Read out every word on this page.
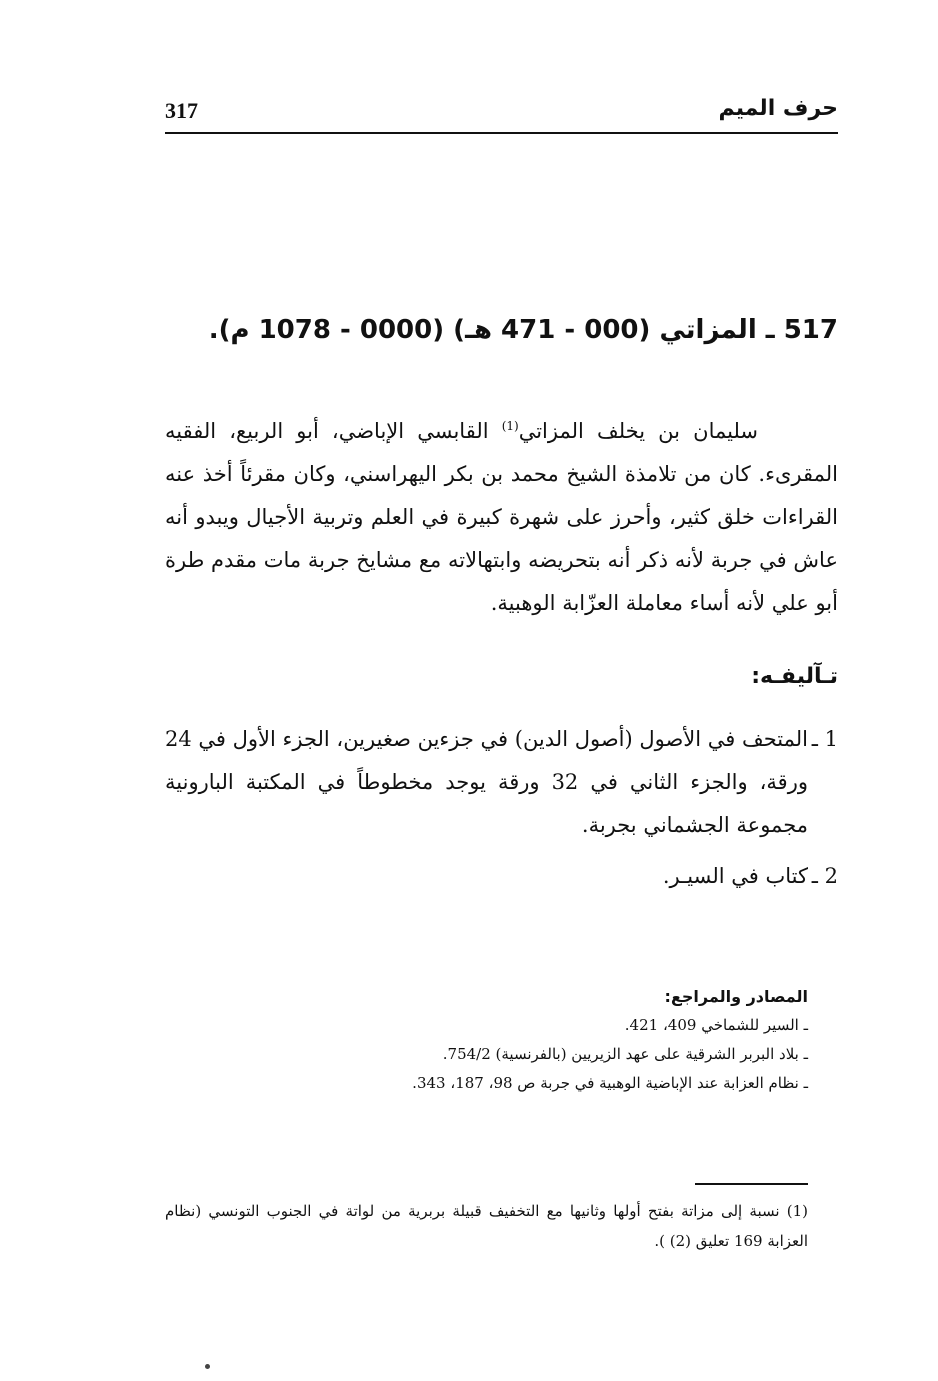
317	حرف الميم
517 ـ المزاتي (000 - 471 هـ) (0000 - 1078 م).

سليمان بن يخلف المزاتي$^{(1)}$ القابسي الإباضي، أبو الربيع، الفقيه المقرىء. كان من تلامذة الشيخ محمد بن بكر اليهراسني، وكان مقرئاً أخذ عنه القراءات خلق كثير، وأحرز على شهرة كبيرة في العلم وتربية الأجيال ويبدو أنه عاش في جربة لأنه ذكر أنه بتحريضه وابتهالاته مع مشايخ جربة مات مقدم طرة أبو علي لأنه أساء معاملة العزّابة الوهبية.

تـآليفـه:
1 ـ
المتحف في الأصول (أصول الدين) في جزءين صغيرين، الجزء الأول في 24 ورقة، والجزء الثاني في 32 ورقة يوجد مخطوطاً في المكتبة البارونية مجموعة الجشماني بجربة.
2 ـ
كتاب في السيـر.
المصادر والمراجع:
ـ السير للشماخي 409، 421.
ـ بلاد البربر الشرقية على عهد الزيريين (بالفرنسية) 754/2.
ـ نظام العزابة عند الإباضية الوهبية في جربة ص 98، 187، 343.

(1) نسبة إلى مزاتة بفتح أولها وثانيها مع التخفيف قبيلة بربرية من لواتة في الجنوب التونسي (نظام العزابة 169 تعليق (2) ).
